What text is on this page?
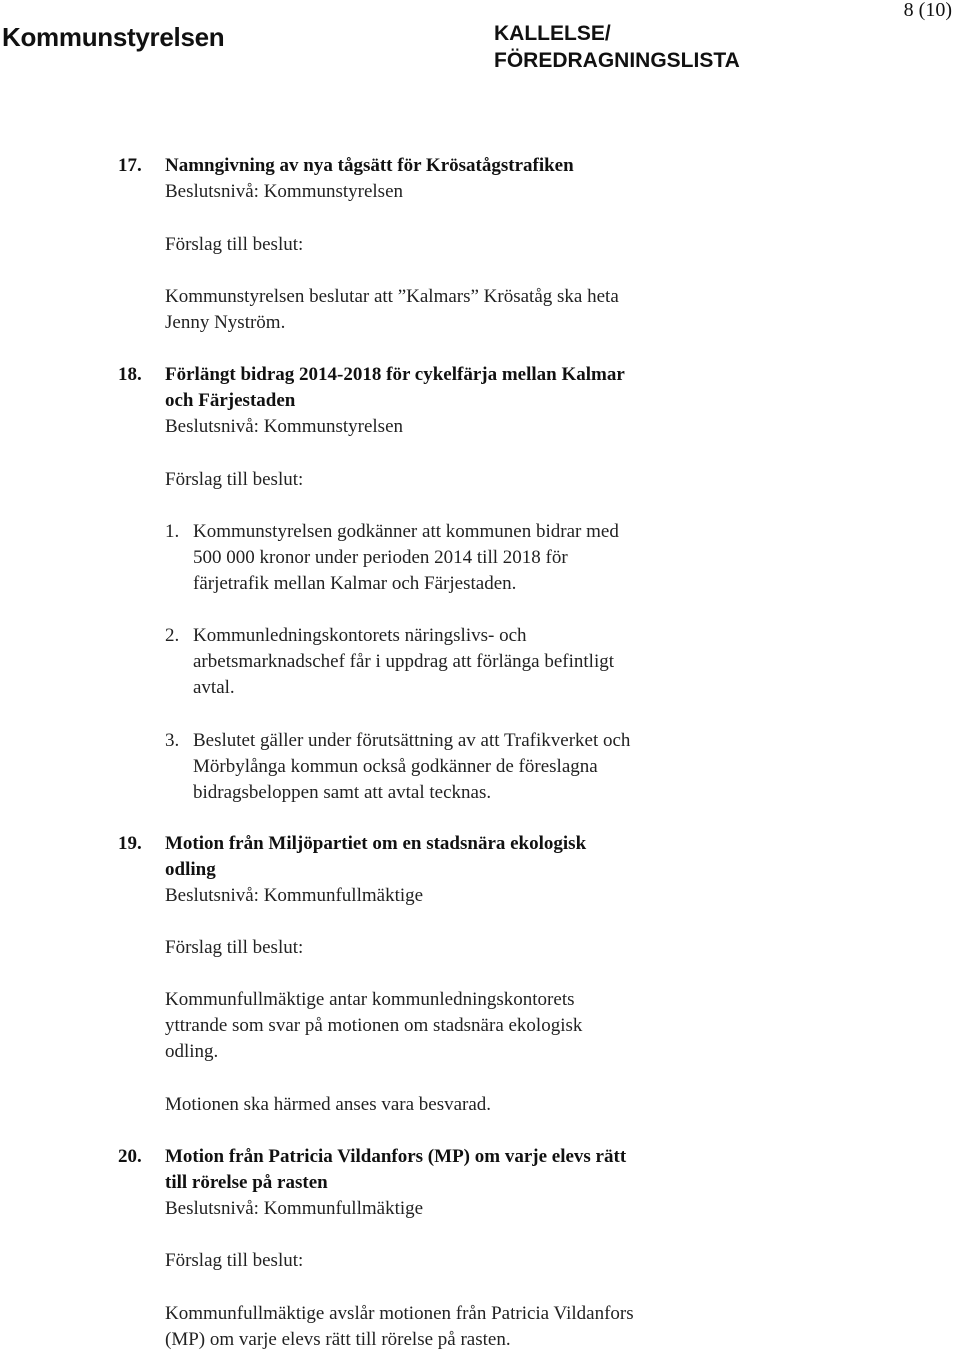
Kommunstyrelsen	KALLELSE/
FÖREDRAGNINGSLISTA
8 (10)
17. Namngivning av nya tågsätt för Krösatågstrafiken
Beslutsnivå: Kommunstyrelsen
Förslag till beslut:
Kommunstyrelsen beslutar att ”Kalmars” Krösatåg ska heta
Jenny Nyström.
18. Förlängt bidrag 2014-2018 för cykelfärja mellan Kalmar
och Färjestaden
Beslutsnivå: Kommunstyrelsen
Förslag till beslut:
1. Kommunstyrelsen godkänner att kommunen bidrar med
500 000 kronor under perioden 2014 till 2018 för
färjetrafik mellan Kalmar och Färjestaden.
2. Kommunledningskontorets näringslivs- och
arbetsmarknadschef får i uppdrag att förlänga befintligt
avtal.
3. Beslutet gäller under förutsättning av att Trafikverket och
Mörbylånga kommun också godkänner de föreslagna
bidragsbeloppen samt att avtal tecknas.
19. Motion från Miljöpartiet om en stadsnära ekologisk
odling
Beslutsnivå: Kommunfullmäktige
Förslag till beslut:
Kommunfullmäktige antar kommunledningskontorets
yttrande som svar på motionen om stadsnära ekologisk
odling.
Motionen ska härmed anses vara besvarad.
20. Motion från Patricia Vildanfors (MP) om varje elevs rätt
till rörelse på rasten
Beslutsnivå: Kommunfullmäktige
Förslag till beslut:
Kommunfullmäktige avslår motionen från Patricia Vildanfors
(MP) om varje elevs rätt till rörelse på rasten.
